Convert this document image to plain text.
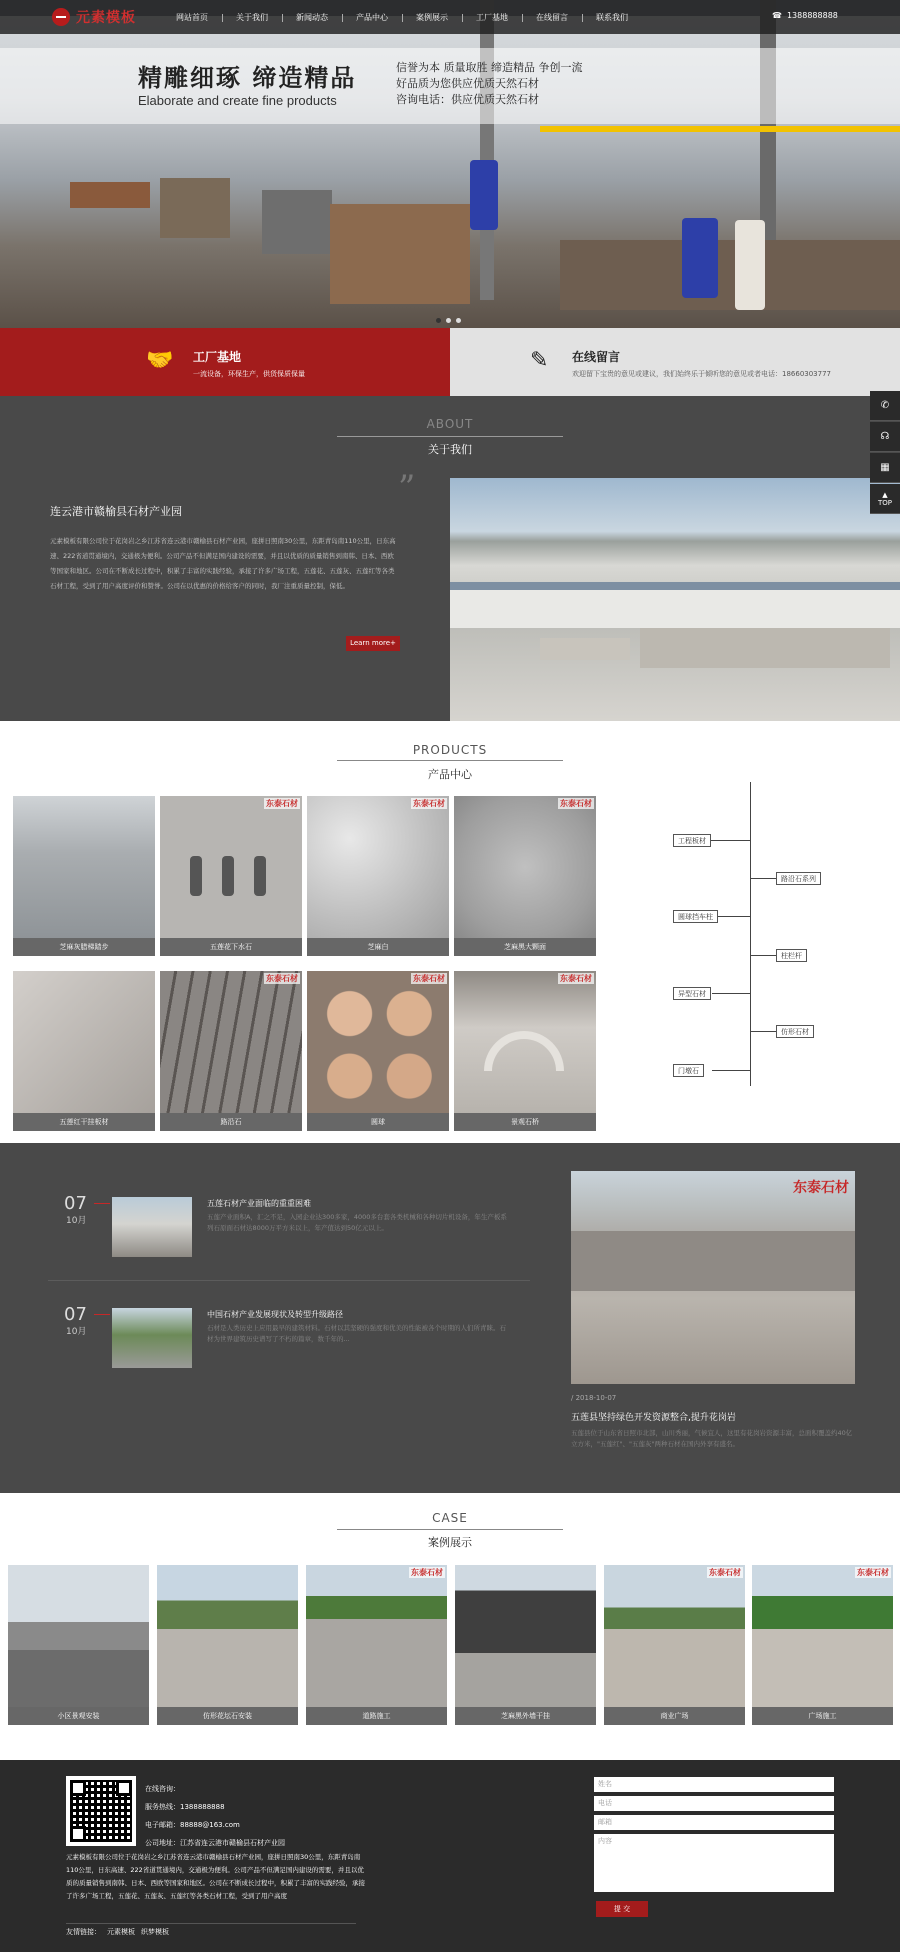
精雕细琢 缔造精品
Elaborate and create fine products
信誉为本 质量取胜 缔造精品 争创一流
好品质为您供应优质天然石材
咨询电话：供应优质天然石材
元素模板	网站首页	关于我们	新闻动态	产品中心	案例展示	工厂基地	在线留言	联系我们	☎ 1388888888
🤝 工厂基地
一流设备，环保生产，供货保质保量
✎ 在线留言
欢迎留下宝贵的意见或建议，我们始终乐于倾听您的意见或者电话：18660303777
ABOUT
关于我们
”
连云港市赣榆县石材产业园
元素模板有限公司位于花岗岩之乡江苏省连云港市赣榆县石材产业园，座拼日照南30公里，东距青岛南110公里，日东高速、222省道贯通境内，交通极为便利。公司产品不但满足国内建设的需要，并且以优质的质量销售到南韩、日本、西欧等国家和地区。公司在不断成长过程中，积累了丰富的实践经验，承接了许多广场工程，五莲花、五莲灰、五莲红等各类石材工程，受到了用户高度评价和赞誉。公司在以优惠的价格给客户的同时，我厂注重质量控制，保低。
Learn more+
PRODUCTS
产品中心
芝麻灰腊梯踏步
东泰石材
五莲花下水石
东泰石材
芝麻白
东泰石材
芝麻黑大颗面
五莲红干挂板材
东泰石材
路沿石
东泰石材
圆球
东泰石材
景观石桥
工程板材
路沿石系列
圆球挡车柱
柱栏杆
异型石材
仿形石材
门墩石
07
10月
五莲石材产业面临的重重困难
五莲产业面积A，汇之不足，入园企业达300多家，4000多台套各类机械和各种切片机设备，年生产板系列石原面石材达8000万平方米以上，年产值达到50亿元以上。
07
10月
中国石材产业发展现状及转型升级路径
石材是人类历史上应用最早的建筑材料。石材以其坚硬的强度和优美的性能被各个时期的人们所青睐。石材为世界建筑历史谱写了不朽的篇章，数千年的...
东泰石材
/ 2018-10-07
五莲县坚持绿色开发资源整合,提升花岗岩
五莲县位于山东省日照市北部，山川秀丽，气候宜人，这里有花岗岩资源丰富，总面积覆盖约40亿立方米，"五莲红"、"五莲灰"两种石材在国内外享有盛名。
CASE
案例展示
小区景观安装	仿形花坛石安装
东泰石材
道路施工	芝麻黑外墙干挂
东泰石材
商业广场
东泰石材
广场施工
在线咨询：
服务热线：1388888888
电子邮箱：88888@163.com
公司地址：江苏省连云港市赣榆县石材产业园
元素模板有限公司位于花岗岩之乡江苏省连云港市赣榆县石材产业园，座拼日照南30公里，东距青岛南110公里，日东高速、222省道贯通境内，交通极为便利。公司产品不但满足国内建设的需要，并且以优质的质量销售到南韩、日本、西欧等国家和地区。公司在不断成长过程中，积累了丰富的实践经验，承接了许多广场工程，五莲花、五莲灰、五莲红等各类石材工程，受到了用户高度
友情链接： 元素模板 织梦模板
姓名
电话
邮箱
内容
提 交
✆
☊
▦
▲
TOP
